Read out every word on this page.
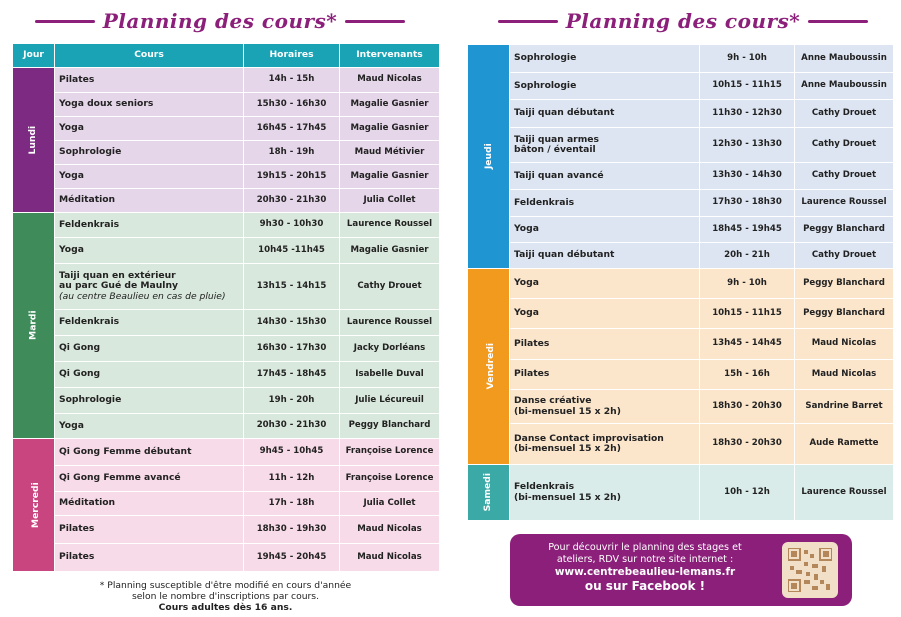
Planning des cours*	Planning des cours*
Jour	Cours	Horaires	Intervenants
Lundi	Pilates	14h - 15h	Maud Nicolas
	Yoga doux seniors	15h30 - 16h30	Magalie Gasnier
	Yoga	16h45 - 17h45	Magalie Gasnier
	Sophrologie	18h - 19h	Maud Métivier
	Yoga	19h15 - 20h15	Magalie Gasnier
	Méditation	20h30 - 21h30	Julia Collet
Mardi	Feldenkrais	9h30 - 10h30	Laurence Roussel
	Yoga	10h45 -11h45	Magalie Gasnier

	Taiji quan en extérieur
au parc Gué de Maulny
(au centre Beaulieu en cas de pluie)	13h15 - 14h15	Cathy Drouet
	Feldenkrais	14h30 - 15h30	Laurence Roussel
	Qi Gong	16h30 - 17h30	Jacky Dorléans
	Qi Gong	17h45 - 18h45	Isabelle Duval
	Sophrologie	19h - 20h	Julie Lécureuil
	Yoga	20h30 - 21h30	Peggy Blanchard
Mercredi	Qi Gong Femme débutant	9h45 - 10h45	Françoise Lorence
	Qi Gong Femme avancé	11h - 12h	Françoise Lorence
	Méditation	17h - 18h	Julia Collet
	Pilates	18h30 - 19h30	Maud Nicolas
	Pilates	19h45 - 20h45	Maud Nicolas
* Planning susceptible d'être modifié en cours d'année
selon le nombre d'inscriptions par cours.
Cours adultes dès 16 ans.
Jeudi	Sophrologie	9h - 10h	Anne Mauboussin
	Sophrologie	10h15 - 11h15	Anne Mauboussin
	Taiji quan débutant	11h30 - 12h30	Cathy Drouet

	Taiji quan armes
bâton / éventail	12h30 - 13h30	Cathy Drouet
	Taiji quan avancé	13h30 - 14h30	Cathy Drouet
	Feldenkrais	17h30 - 18h30	Laurence Roussel
	Yoga	18h45 - 19h45	Peggy Blanchard
	Taiji quan débutant	20h - 21h	Cathy Drouet
Vendredi	Yoga	9h - 10h	Peggy Blanchard
	Yoga	10h15 - 11h15	Peggy Blanchard
	Pilates	13h45 - 14h45	Maud Nicolas
	Pilates	15h - 16h	Maud Nicolas

	Danse créative
(bi-mensuel 15 x 2h)	18h30 - 20h30	Sandrine Barret

	Danse Contact improvisation
(bi-mensuel 15 x 2h)	18h30 - 20h30	Aude Ramette
Samedi	Feldenkrais
(bi-mensuel 15 x 2h)	10h - 12h	Laurence Roussel
Pour découvrir le planning des stages et
ateliers, RDV sur notre site internet :
www.centrebeaulieu-lemans.fr
ou sur Facebook !
